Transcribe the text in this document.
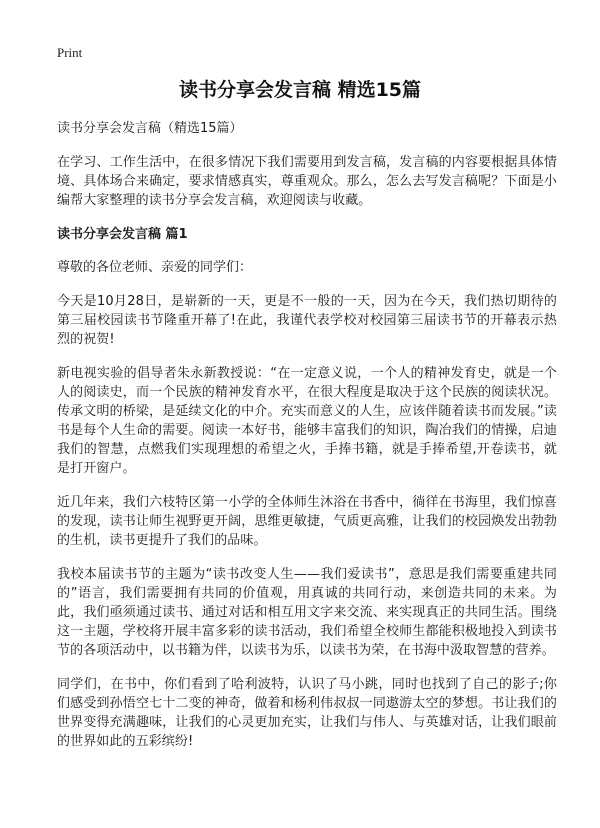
Print
读书分享会发言稿 精选15篇

读书分享会发言稿（精选15篇）

在学习、工作生活中，在很多情况下我们需要用到发言稿，发言稿的内容要根据具体情境、具体场合来确定，要求情感真实，尊重观众。那么，怎么去写发言稿呢？下面是小编帮大家整理的读书分享会发言稿，欢迎阅读与收藏。

读书分享会发言稿 篇1

尊敬的各位老师、亲爱的同学们：

今天是10月28日，是崭新的一天，更是不一般的一天，因为在今天，我们热切期待的第三届校园读书节隆重开幕了!在此，我谨代表学校对校园第三届读书节的开幕表示热烈的祝贺!

新电视实验的倡导者朱永新教授说：“在一定意义说，一个人的精神发育史，就是一个人的阅读史，而一个民族的精神发育水平，在很大程度是取决于这个民族的阅读状况。传承文明的桥梁，是延续文化的中介。充实而意义的人生，应该伴随着读书而发展。”读书是每个人生命的需要。阅读一本好书，能够丰富我们的知识，陶冶我们的情操，启迪我们的智慧，点燃我们实现理想的希望之火，手捧书籍，就是手捧希望,开卷读书，就是打开窗户。

近几年来，我们六枝特区第一小学的全体师生沐浴在书香中，徜徉在书海里，我们惊喜的发现，读书让师生视野更开阔，思维更敏捷，气质更高雅，让我们的校园焕发出勃勃的生机，读书更提升了我们的品味。

我校本届读书节的主题为“读书改变人生——我们爱读书”，意思是我们需要重建共同的”语言，我们需要拥有共同的价值观，用真诚的共同行动，来创造共同的未来。为此，我们亟须通过读书、通过对话和相互用文字来交流、来实现真正的共同生活。围绕这一主题，学校将开展丰富多彩的读书活动，我们希望全校师生都能积极地投入到读书节的各项活动中，以书籍为伴，以读书为乐，以读书为荣，在书海中汲取智慧的营养。

同学们，在书中，你们看到了哈利波特，认识了马小跳，同时也找到了自己的影子;你们感受到孙悟空七十二变的神奇，做着和杨利伟叔叔一同遨游太空的梦想。书让我们的世界变得充满趣味，让我们的心灵更加充实，让我们与伟人、与英雄对话，让我们眼前的世界如此的五彩缤纷!
